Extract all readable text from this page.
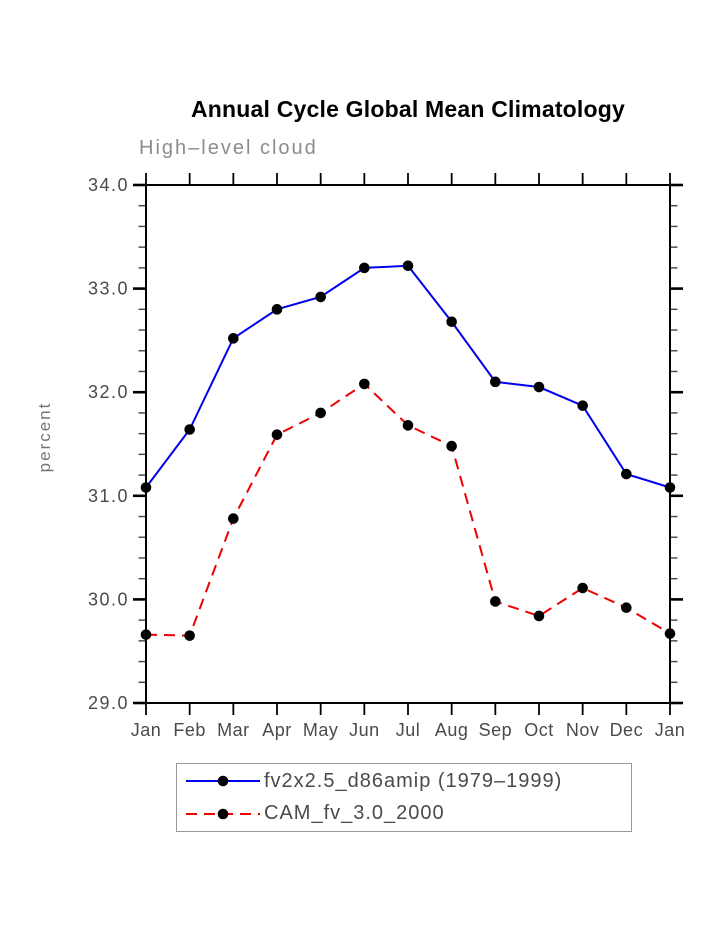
Annual Cycle Global Mean Climatology
High–level cloud
34.0
33.0
32.0
31.0
30.0
29.0
Jan Feb Mar Apr May Jun Jul Aug Sep Oct Nov Dec Jan
percent
fv2x2.5_d86amip (1979–1999)
CAM_fv_3.0_2000
